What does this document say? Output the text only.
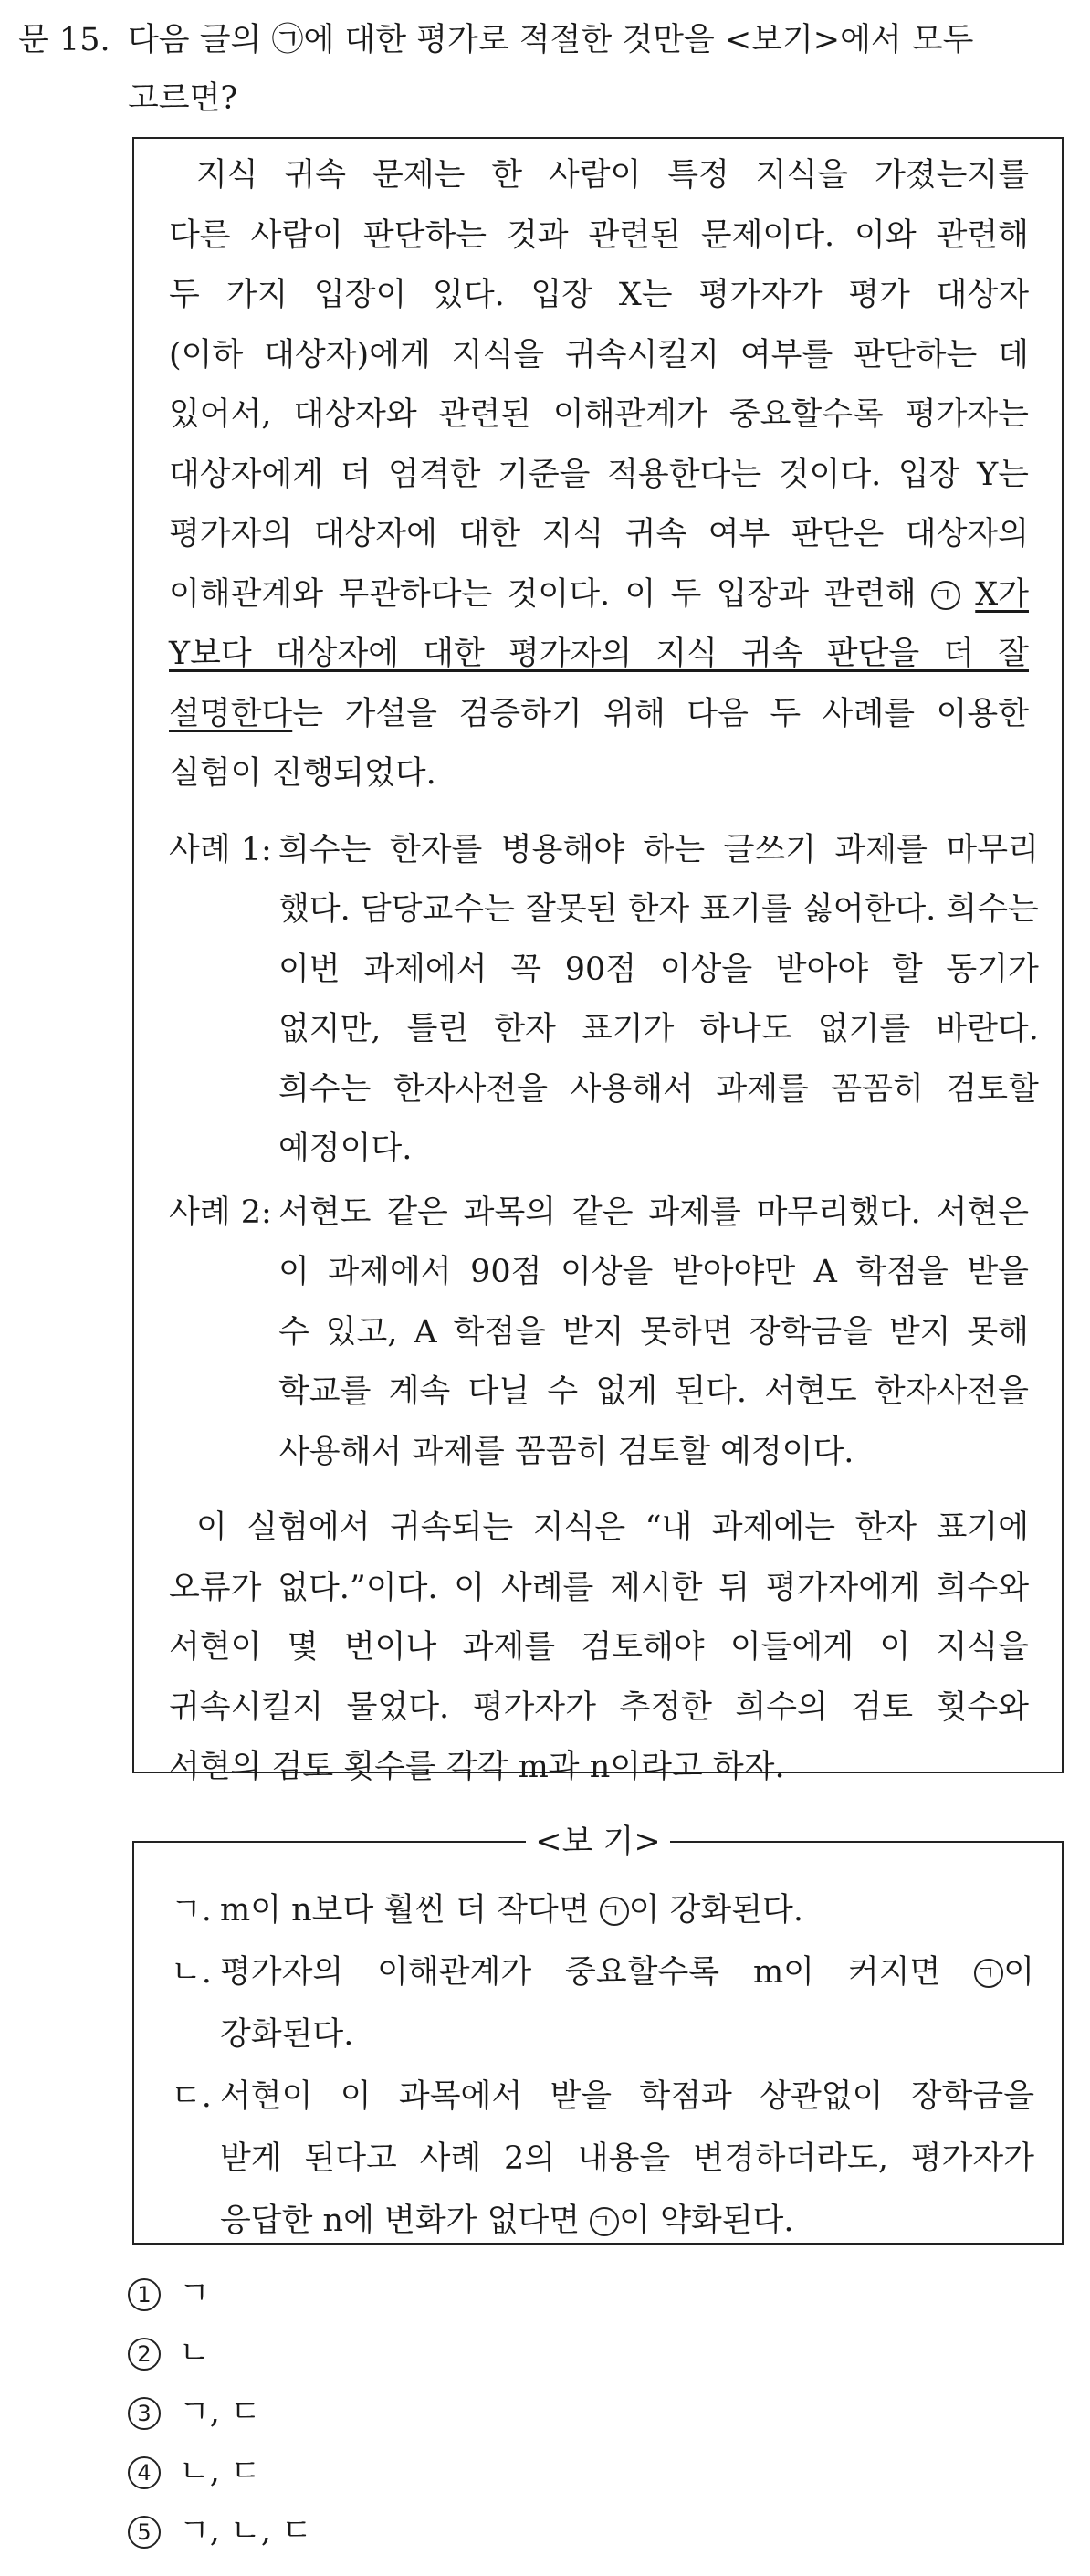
문 15. 다음 글의 ㉠에 대한 평가로 적절한 것만을 <보기>에서 모두
고르면?
지식 귀속 문제는 한 사람이 특정 지식을 가졌는지를
다른 사람이 판단하는 것과 관련된 문제이다. 이와 관련해
두 가지 입장이 있다. 입장 X는 평가자가 평가 대상자
(이하 대상자)에게 지식을 귀속시킬지 여부를 판단하는 데
있어서, 대상자와 관련된 이해관계가 중요할수록 평가자는
대상자에게 더 엄격한 기준을 적용한다는 것이다. 입장 Y는
평가자의 대상자에 대한 지식 귀속 여부 판단은 대상자의
이해관계와 무관하다는 것이다. 이 두 입장과 관련해 ㄱ X가
Y보다 대상자에 대한 평가자의 지식 귀속 판단을 더 잘
설명한다는 가설을 검증하기 위해 다음 두 사례를 이용한
실험이 진행되었다.
사례 1: 희수는 한자를 병용해야 하는 글쓰기 과제를 마무리
했다. 담당교수는 잘못된 한자 표기를 싫어한다. 희수는
이번 과제에서 꼭 90점 이상을 받아야 할 동기가
없지만, 틀린 한자 표기가 하나도 없기를 바란다.
희수는 한자사전을 사용해서 과제를 꼼꼼히 검토할
예정이다.
사례 2: 서현도 같은 과목의 같은 과제를 마무리했다. 서현은
이 과제에서 90점 이상을 받아야만 A 학점을 받을
수 있고, A 학점을 받지 못하면 장학금을 받지 못해
학교를 계속 다닐 수 없게 된다. 서현도 한자사전을
사용해서 과제를 꼼꼼히 검토할 예정이다.
이 실험에서 귀속되는 지식은 “내 과제에는 한자 표기에
오류가 없다.”이다. 이 사례를 제시한 뒤 평가자에게 희수와
서현이 몇 번이나 과제를 검토해야 이들에게 이 지식을
귀속시킬지 물었다. 평가자가 추정한 희수의 검토 횟수와
서현의 검토 횟수를 각각 m과 n이라고 하자.
<보 기>
ㄱ. m이 n보다 훨씬 더 작다면 ㄱ 이 강화된다.
ㄴ. 평가자의 이해관계가 중요할수록 m이 커지면 ㄱ 이
강화된다.
ㄷ. 서현이 이 과목에서 받을 학점과 상관없이 장학금을
받게 된다고 사례 2의 내용을 변경하더라도, 평가자가
응답한 n에 변화가 없다면 ㄱ 이 약화된다.
1 ㄱ
2 ㄴ
3 ㄱ, ㄷ
4 ㄴ, ㄷ
5 ㄱ, ㄴ, ㄷ
